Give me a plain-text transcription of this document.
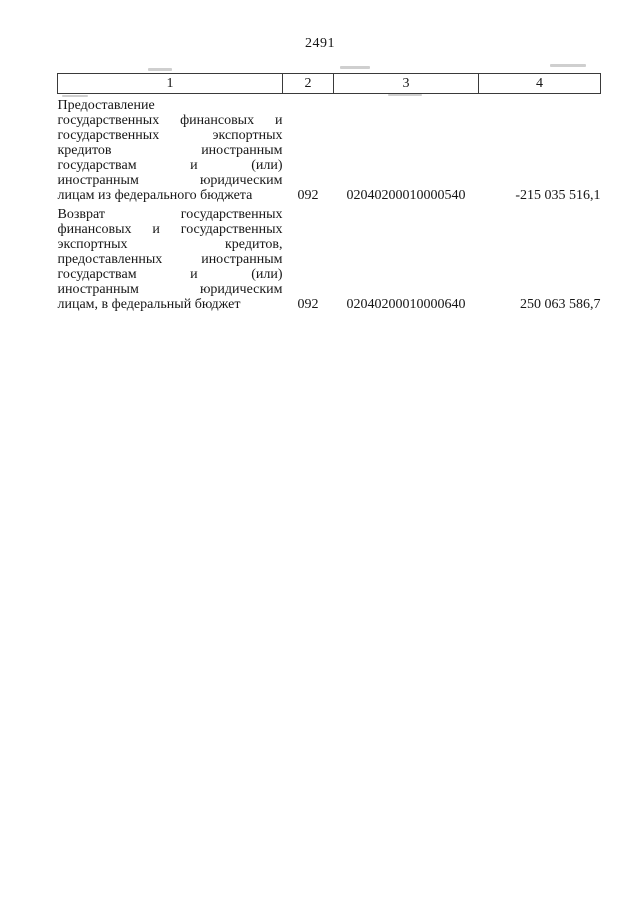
2491
1	2	3	4

Предоставление
государственных финансовых и
государственных экспортных
кредитов иностранным
государствам и (или)
иностранным юридическим
лицам из федерального бюджета	092	02040200010000540	-215 035 516,1

Возврат государственных
финансовых и государственных
экспортных кредитов,
предоставленных иностранным
государствам и (или)
иностранным юридическим
лицам, в федеральный бюджет	092	02040200010000640	250 063 586,7
